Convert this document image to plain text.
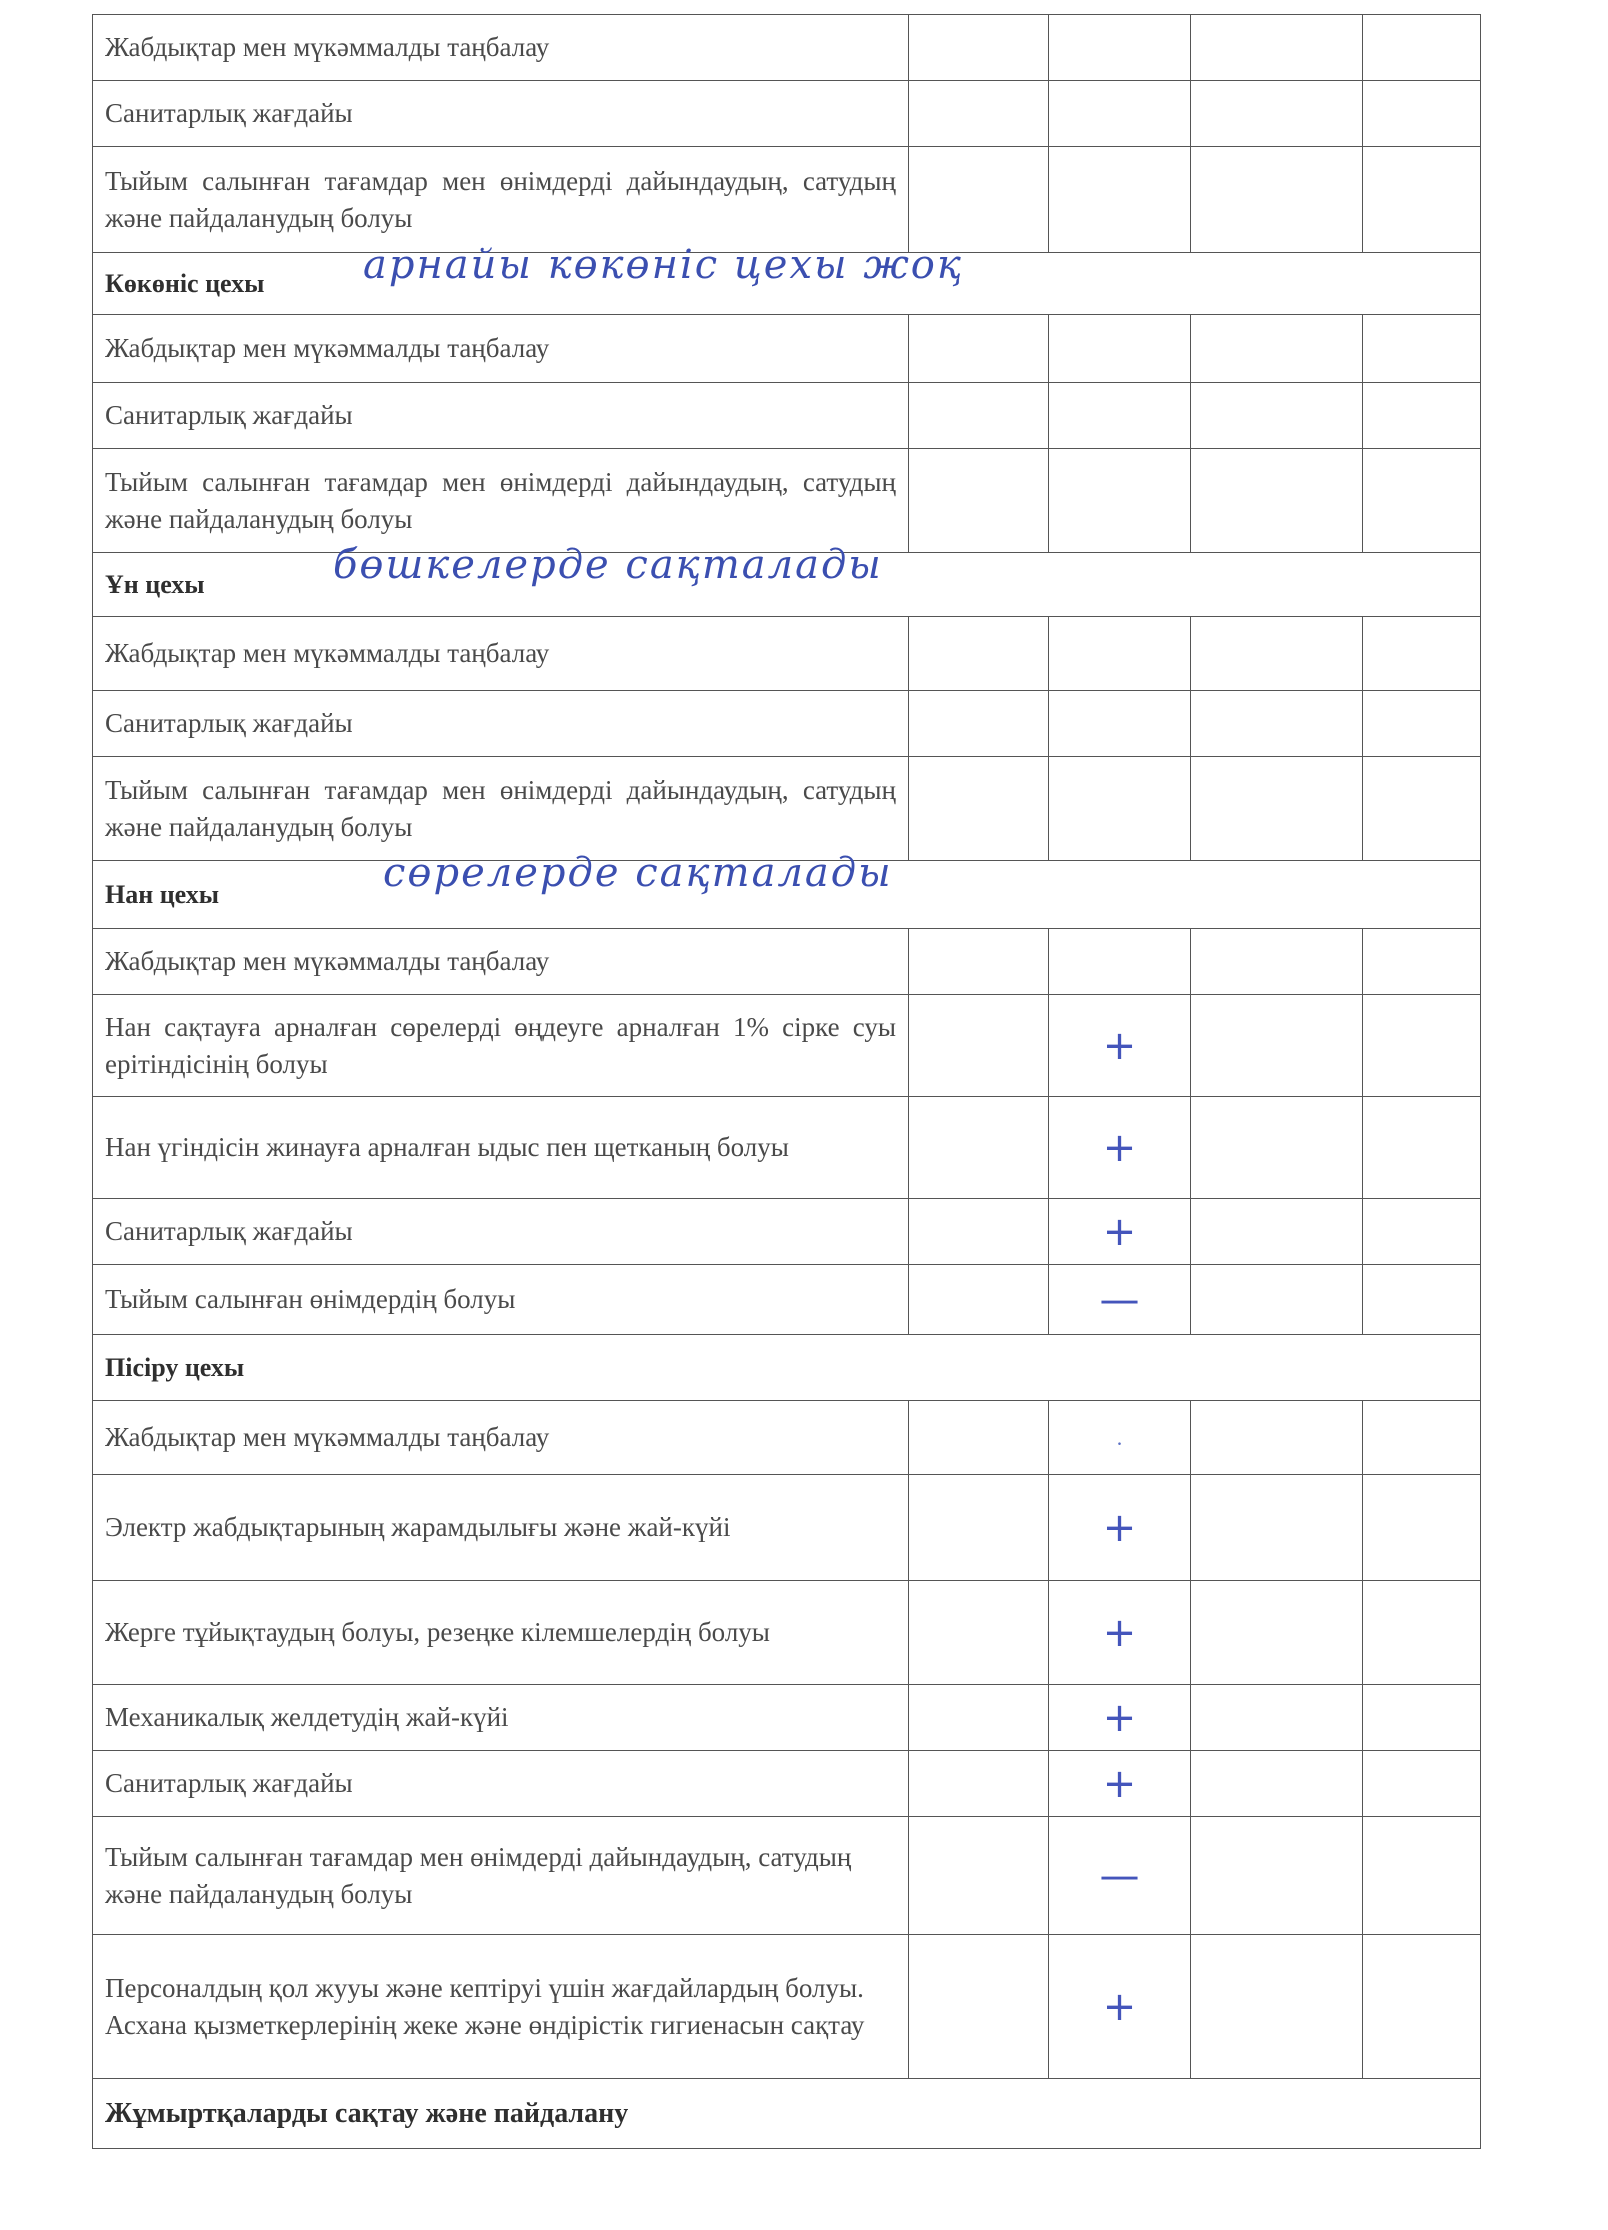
Жабдықтар мен мүкәммалды таңбалау				
Санитарлық жағдайы				
Тыйым салынған тағамдар мен өнімдерді дайындаудың, сатудың және пайдаланудың болуы				
Көкөніс цехы арнайы көкөніс цехы жоқ				

Жабдықтар мен мүкәммалды таңбалау				
Санитарлық жағдайы				
Тыйым салынған тағамдар мен өнімдерді дайындаудың, сатудың және пайдаланудың болуы				
Ұн цехы бөшкелерде сақталады				

Жабдықтар мен мүкәммалды таңбалау				
Санитарлық жағдайы				
Тыйым салынған тағамдар мен өнімдерді дайындаудың, сатудың және пайдаланудың болуы				
Нан цехы сөрелерде сақталады				

Жабдықтар мен мүкәммалды таңбалау				
Нан сақтауға арналған сөрелерді өңдеуге арналған 1% сірке суы ерітіндісінің болуы		+		
Нан үгіндісін жинауға арналған ыдыс пен щетканың болуы		+		
Санитарлық жағдайы		+		
Тыйым салынған өнімдердің болуы		—		
Пісіру цехы				
Жабдықтар мен мүкәммалды таңбалау		.		
Электр жабдықтарының жарамдылығы және жай-күйі		+		
Жерге тұйықтаудың болуы, резеңке кілемшелердің болуы		+		
Механикалық желдетудің жай-күйі		+		
Санитарлық жағдайы		+		
Тыйым салынған тағамдар мен өнімдерді дайындаудың, сатудың және пайдаланудың болуы		—		
Персоналдың қол жууы және кептіруі үшін жағдайлардың болуы. Асхана қызметкерлерінің жеке және өндірістік гигиенасын сақтау		+		
Жұмыртқаларды сақтау және пайдалану				
